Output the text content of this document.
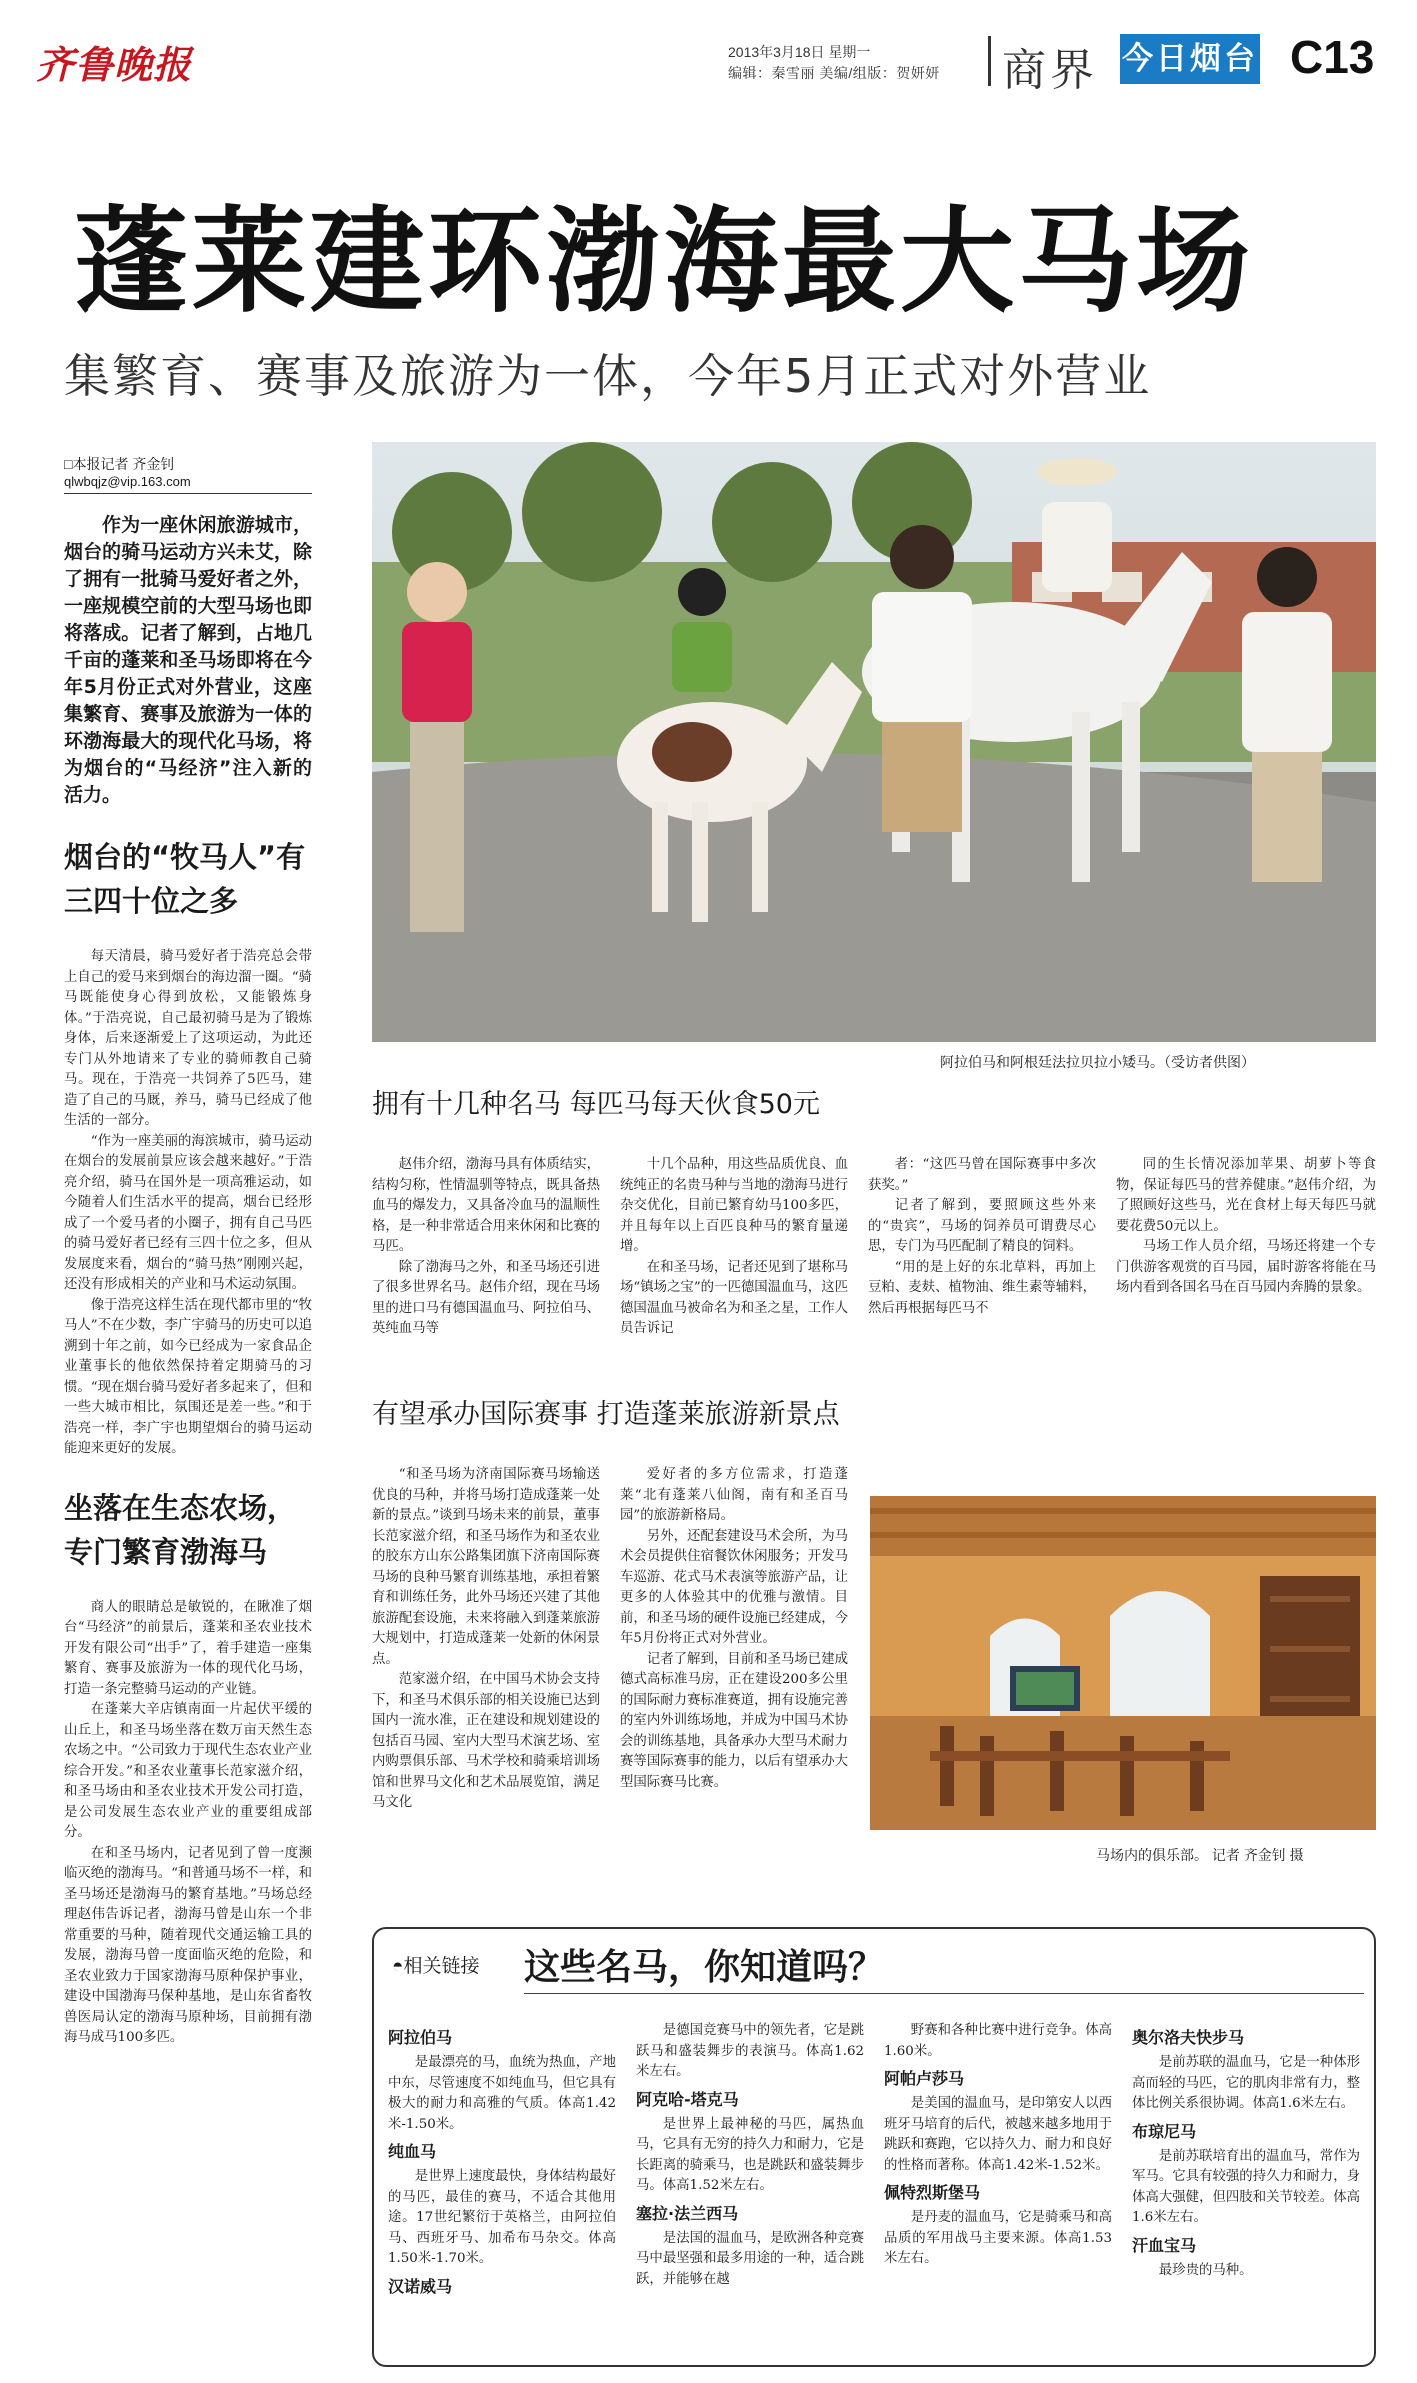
齐鲁晚报	2013年3月18日 星期一
编辑：秦雪丽 美编/组版：贺妍妍 商界 今日烟台 C13
蓬莱建环渤海最大马场
集繁育、赛事及旅游为一体，今年5月正式对外营业
□本报记者 齐金钊
qlwbqjz@vip.163.com

作为一座休闲旅游城市，烟台的骑马运动方兴未艾，除了拥有一批骑马爱好者之外，一座规模空前的大型马场也即将落成。记者了解到，占地几千亩的蓬莱和圣马场即将在今年5月份正式对外营业，这座集繁育、赛事及旅游为一体的环渤海最大的现代化马场，将为烟台的“马经济”注入新的活力。

烟台的“牧马人”有三四十位之多

每天清晨，骑马爱好者于浩亮总会带上自己的爱马来到烟台的海边溜一圈。“骑马既能使身心得到放松，又能锻炼身体。”于浩亮说，自己最初骑马是为了锻炼身体，后来逐渐爱上了这项运动，为此还专门从外地请来了专业的骑师教自己骑马。现在，于浩亮一共饲养了5匹马，建造了自己的马厩，养马，骑马已经成了他生活的一部分。

“作为一座美丽的海滨城市，骑马运动在烟台的发展前景应该会越来越好。”于浩亮介绍，骑马在国外是一项高雅运动，如今随着人们生活水平的提高，烟台已经形成了一个爱马者的小圈子，拥有自己马匹的骑马爱好者已经有三四十位之多，但从发展度来看，烟台的“骑马热”刚刚兴起，还没有形成相关的产业和马术运动氛围。

像于浩亮这样生活在现代都市里的“牧马人”不在少数，李广宇骑马的历史可以追溯到十年之前，如今已经成为一家食品企业董事长的他依然保持着定期骑马的习惯。“现在烟台骑马爱好者多起来了，但和一些大城市相比，氛围还是差一些。”和于浩亮一样，李广宇也期望烟台的骑马运动能迎来更好的发展。

坐落在生态农场，专门繁育渤海马

商人的眼睛总是敏锐的，在瞅准了烟台“马经济”的前景后，蓬莱和圣农业技术开发有限公司“出手”了，着手建造一座集繁育、赛事及旅游为一体的现代化马场，打造一条完整骑马运动的产业链。

在蓬莱大辛店镇南面一片起伏平缓的山丘上，和圣马场坐落在数万亩天然生态农场之中。“公司致力于现代生态农业产业综合开发。”和圣农业董事长范家滋介绍，和圣马场由和圣农业技术开发公司打造，是公司发展生态农业产业的重要组成部分。

在和圣马场内，记者见到了曾一度濒临灭绝的渤海马。“和普通马场不一样，和圣马场还是渤海马的繁育基地。”马场总经理赵伟告诉记者，渤海马曾是山东一个非常重要的马种，随着现代交通运输工具的发展，渤海马曾一度面临灭绝的危险，和圣农业致力于国家渤海马原种保护事业，建设中国渤海马保种基地，是山东省畜牧兽医局认定的渤海马原种场，目前拥有渤海马成马100多匹。

阿拉伯马和阿根廷法拉贝拉小矮马。（受访者供图）
拥有十几种名马 每匹马每天伙食50元

赵伟介绍，渤海马具有体质结实，结构匀称，性情温驯等特点，既具备热血马的爆发力，又具备冷血马的温顺性格，是一种非常适合用来休闲和比赛的马匹。

除了渤海马之外，和圣马场还引进了很多世界名马。赵伟介绍，现在马场里的进口马有德国温血马、阿拉伯马、英纯血马等

十几个品种，用这些品质优良、血统纯正的名贵马种与当地的渤海马进行杂交优化，目前已繁育幼马100多匹，并且每年以上百匹良种马的繁育量递增。

在和圣马场，记者还见到了堪称马场“镇场之宝”的一匹德国温血马，这匹德国温血马被命名为和圣之星，工作人员告诉记

者：“这匹马曾在国际赛事中多次获奖。”

记者了解到，要照顾这些外来的“贵宾”，马场的饲养员可谓费尽心思，专门为马匹配制了精良的饲料。

“用的是上好的东北草料，再加上豆粕、麦麸、植物油、维生素等辅料，然后再根据每匹马不

同的生长情况添加苹果、胡萝卜等食物，保证每匹马的营养健康。”赵伟介绍，为了照顾好这些马，光在食材上每天每匹马就要花费50元以上。

马场工作人员介绍，马场还将建一个专门供游客观赏的百马园，届时游客将能在马场内看到各国名马在百马园内奔腾的景象。

有望承办国际赛事 打造蓬莱旅游新景点

“和圣马场为济南国际赛马场输送优良的马种，并将马场打造成蓬莱一处新的景点。”谈到马场未来的前景，董事长范家滋介绍，和圣马场作为和圣农业的胶东方山东公路集团旗下济南国际赛马场的良种马繁育训练基地，承担着繁育和训练任务，此外马场还兴建了其他旅游配套设施，未来将融入到蓬莱旅游大规划中，打造成蓬莱一处新的休闲景点。

范家滋介绍，在中国马术协会支持下，和圣马术俱乐部的相关设施已达到国内一流水准，正在建设和规划建设的包括百马园、室内大型马术演艺场、室内购票俱乐部、马术学校和骑乘培训场馆和世界马文化和艺术品展览馆，满足马文化

爱好者的多方位需求，打造蓬莱“北有蓬莱八仙阁，南有和圣百马园”的旅游新格局。

另外，还配套建设马术会所，为马术会员提供住宿餐饮休闲服务；开发马车巡游、花式马术表演等旅游产品，让更多的人体验其中的优雅与激情。目前，和圣马场的硬件设施已经建成，今年5月份将正式对外营业。

记者了解到，目前和圣马场已建成德式高标准马房，正在建设200多公里的国际耐力赛标准赛道，拥有设施完善的室内外训练场地，并成为中国马术协会的训练基地，具备承办大型马术耐力赛等国际赛事的能力，以后有望承办大型国际赛马比赛。

马场内的俱乐部。 记者 齐金钊 摄
◓相关链接 这些名马，你知道吗？
阿拉伯马

是最漂亮的马，血统为热血，产地中东，尽管速度不如纯血马，但它具有极大的耐力和高雅的气质。体高1.42米-1.50米。

纯血马

是世界上速度最快，身体结构最好的马匹，最佳的赛马，不适合其他用途。17世纪繁衍于英格兰，由阿拉伯马、西班牙马、加希布马杂交。体高1.50米-1.70米。

汉诺威马

是德国竞赛马中的领先者，它是跳跃马和盛装舞步的表演马。体高1.62米左右。

阿克哈-塔克马

是世界上最神秘的马匹，属热血马，它具有无穷的持久力和耐力，它是长距离的骑乘马，也是跳跃和盛装舞步马。体高1.52米左右。

塞拉·法兰西马

是法国的温血马，是欧洲各种竞赛马中最坚强和最多用途的一种，适合跳跃，并能够在越

野赛和各种比赛中进行竞争。体高1.60米。

阿帕卢莎马

是美国的温血马，是印第安人以西班牙马培育的后代，被越来越多地用于跳跃和赛跑，它以持久力、耐力和良好的性格而著称。体高1.42米-1.52米。

佩特烈斯堡马

是丹麦的温血马，它是骑乘马和高品质的军用战马主要来源。体高1.53米左右。

奥尔洛夫快步马

是前苏联的温血马，它是一种体形高而轻的马匹，它的肌肉非常有力，整体比例关系很协调。体高1.6米左右。

布琼尼马

是前苏联培育出的温血马，常作为军马。它具有较强的持久力和耐力，身体高大强健，但四肢和关节较差。体高1.6米左右。

汗血宝马

最珍贵的马种。
